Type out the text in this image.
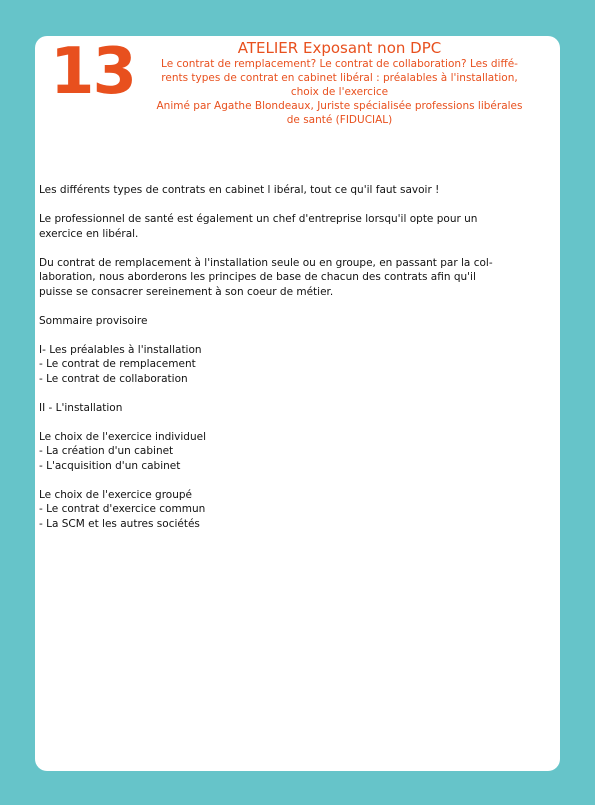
13	ATELIER Exposant non DPC

Le contrat de remplacement? Le contrat de collaboration? Les diffé-

rents types de contrat en cabinet libéral : préalables à l'installation,

choix de l'exercice

Animé par Agathe Blondeaux, Juriste spécialisée professions libérales

de santé (FIDUCIAL)

Les différents types de contrats en cabinet l ibéral, tout ce qu'il faut savoir !

Le professionnel de santé est également un chef d'entreprise lorsqu'il opte pour un

exercice en libéral.

Du contrat de remplacement à l'installation seule ou en groupe, en passant par la col-

laboration, nous aborderons les principes de base de chacun des contrats afin qu'il

puisse se consacrer sereinement à son coeur de métier.

Sommaire provisoire

I- Les préalables à l'installation

- Le contrat de remplacement

- Le contrat de collaboration

II - L'installation

Le choix de l'exercice individuel

- La création d'un cabinet

- L'acquisition d'un cabinet

Le choix de l'exercice groupé

- Le contrat d'exercice commun

- La SCM et les autres sociétés
